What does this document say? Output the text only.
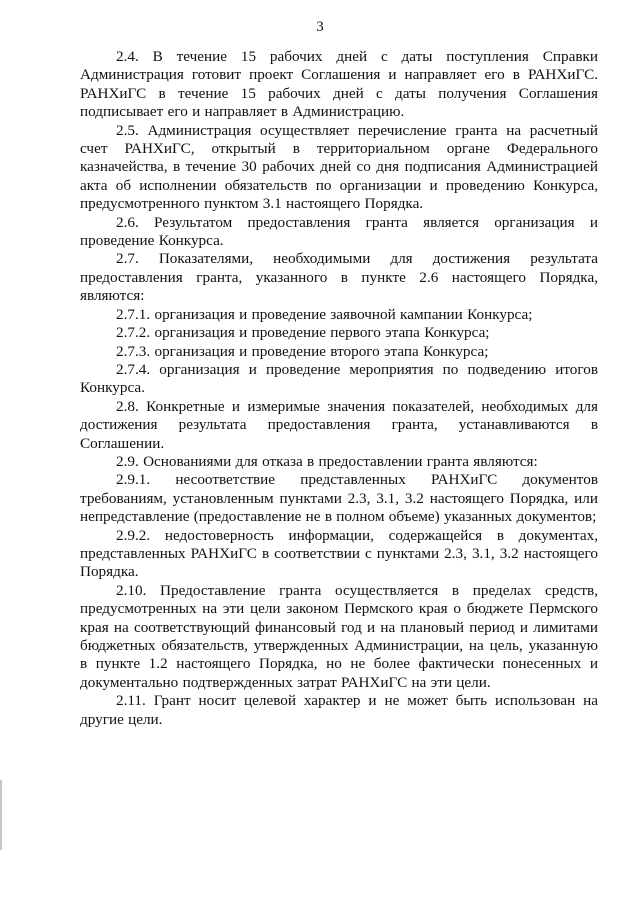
3

2.4. В течение 15 рабочих дней с даты поступления Справки Администрация готовит проект Соглашения и направляет его в РАНХиГС. РАНХиГС в течение 15 рабочих дней с даты получения Соглашения подписывает его и направляет в Администрацию.

2.5. Администрация осуществляет перечисление гранта на расчетный счет РАНХиГС, открытый в территориальном органе Федерального казначейства, в течение 30 рабочих дней со дня подписания Администрацией акта об исполнении обязательств по организации и проведению Конкурса, предусмотренного пунктом 3.1 настоящего Порядка.

2.6. Результатом предоставления гранта является организация и проведение Конкурса.

2.7. Показателями, необходимыми для достижения результата предоставления гранта, указанного в пункте 2.6 настоящего Порядка, являются:

2.7.1. организация и проведение заявочной кампании Конкурса;

2.7.2. организация и проведение первого этапа Конкурса;

2.7.3. организация и проведение второго этапа Конкурса;

2.7.4. организация и проведение мероприятия по подведению итогов Конкурса.

2.8. Конкретные и измеримые значения показателей, необходимых для достижения результата предоставления гранта, устанавливаются в Соглашении.

2.9. Основаниями для отказа в предоставлении гранта являются:

2.9.1. несоответствие представленных РАНХиГС документов требованиям, установленным пунктами 2.3, 3.1, 3.2 настоящего Порядка, или непредставление (предоставление не в полном объеме) указанных документов;

2.9.2. недостоверность информации, содержащейся в документах, представленных РАНХиГС в соответствии с пунктами 2.3, 3.1, 3.2 настоящего Порядка.

2.10. Предоставление гранта осуществляется в пределах средств, предусмотренных на эти цели законом Пермского края о бюджете Пермского края на соответствующий финансовый год и на плановый период и лимитами бюджетных обязательств, утвержденных Администрации, на цель, указанную в пункте 1.2 настоящего Порядка, но не более фактически понесенных и документально подтвержденных затрат РАНХиГС на эти цели.

2.11. Грант носит целевой характер и не может быть использован на другие цели.
